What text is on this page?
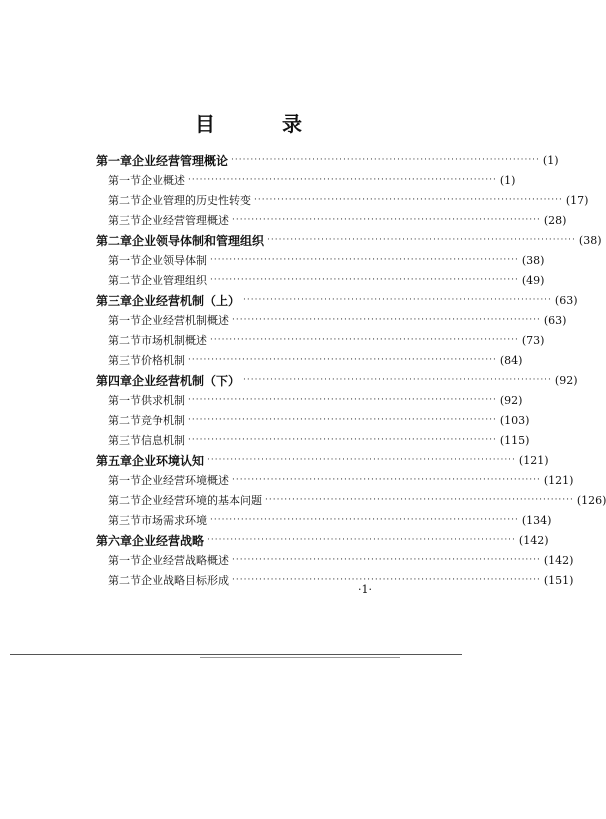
目 录
第一章 企业经营管理概论 ················································································ (1)
第一节 企业概述 ················································································ (1)
第二节 企业管理的历史性转变 ················································································ (17)
第三节 企业经营管理概述 ················································································ (28)
第二章 企业领导体制和管理组织 ················································································ (38)
第一节 企业领导体制 ················································································ (38)
第二节 企业管理组织 ················································································ (49)
第三章 企业经营机制（上） ················································································ (63)
第一节 企业经营机制概述 ················································································ (63)
第二节 市场机制概述 ················································································ (73)
第三节 价格机制 ················································································ (84)
第四章 企业经营机制（下） ················································································ (92)
第一节 供求机制 ················································································ (92)
第二节 竞争机制 ················································································ (103)
第三节 信息机制 ················································································ (115)
第五章 企业环境认知 ················································································ (121)
第一节 企业经营环境概述 ················································································ (121)
第二节 企业经营环境的基本问题 ················································································ (126)
第三节 市场需求环境 ················································································ (134)
第六章 企业经营战略 ················································································ (142)
第一节 企业经营战略概述 ················································································ (142)
第二节 企业战略目标形成 ················································································ (151)
·1·
